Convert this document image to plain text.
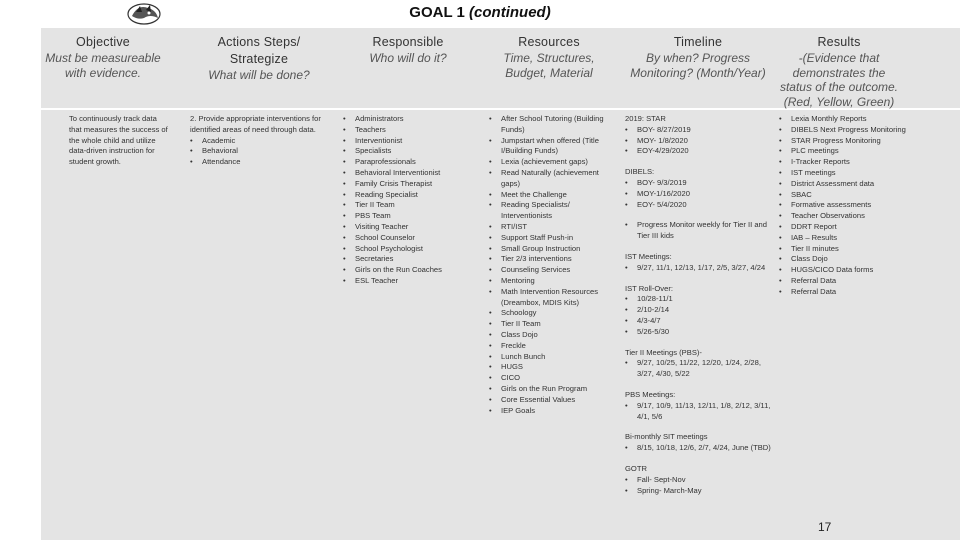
GOAL 1 (continued)
Objective
Must be measureable with evidence.
Actions Steps/ Strategize
What will be done?
Responsible
Who will do it?
Resources
Time, Structures, Budget, Material
Timeline
By when? Progress Monitoring? (Month/Year)
Results
-(Evidence that demonstrates the status of the outcome. (Red, Yellow, Green)
To continuously track data that measures the success of the whole child and utilize data-driven instruction for student growth.
2. Provide appropriate interventions for identified areas of need through data.
• Academic
• Behavioral
• Attendance
• Administrators
• Teachers
• Interventionist
• Specialists
• Paraprofessionals
• Behavioral Interventionist
• Family Crisis Therapist
• Reading Specialist
• Tier II Team
• PBS Team
• Visiting Teacher
• School Counselor
• School Psychologist
• Secretaries
• Girls on the Run Coaches
• ESL Teacher
• After School Tutoring (Building Funds)
• Jumpstart when offered (Title I/Building Funds)
• Lexia (achievement gaps)
• Read Naturally (achievement gaps)
• Meet the Challenge
• Reading Specialists/ Interventionists
• RTI/IST
• Support Staff Push-in
• Small Group Instruction
• Tier 2/3 interventions
• Counseling Services
• Mentoring
• Math Intervention Resources (Dreambox, MDIS Kits)
• Schoology
• Tier II Team
• Class Dojo
• Freckle
• Lunch Bunch
• HUGS
• CICO
• Girls on the Run Program
• Core Essential Values
• IEP Goals
2019: STAR
• BOY- 8/27/2019
• MOY- 1/8/2020
• EOY-4/29/2020
DIBELS:
• BOY- 9/3/2019
• MOY-1/16/2020
• EOY- 5/4/2020
• Progress Monitor weekly for Tier II and Tier III kids
IST Meetings:
• 9/27, 11/1, 12/13, 1/17, 2/5, 3/27, 4/24
IST Roll-Over:
• 10/28-11/1
• 2/10-2/14
• 4/3-4/7
• 5/26-5/30
Tier II Meetings (PBS)-
• 9/27, 10/25, 11/22, 12/20, 1/24, 2/28, 3/27, 4/30, 5/22
PBS Meetings:
• 9/17, 10/9, 11/13, 12/11, 1/8, 2/12, 3/11, 4/1, 5/6
Bi-monthly SIT meetings
• 8/15, 10/18, 12/6, 2/7, 4/24, June (TBD)
GOTR
• Fall- Sept-Nov
• Spring- March-May
• Lexia Monthly Reports
• DIBELS Next Progress Monitoring
• STAR Progress Monitoring
• PLC meetings
• I-Tracker Reports
• IST meetings
• District Assessment data
• SBAC
• Formative assessments
• Teacher Observations
• DDRT Report
• IAB – Results
• Tier II minutes
• Class Dojo
• HUGS/CICO Data forms
• Referral Data
• Referral Data
17
